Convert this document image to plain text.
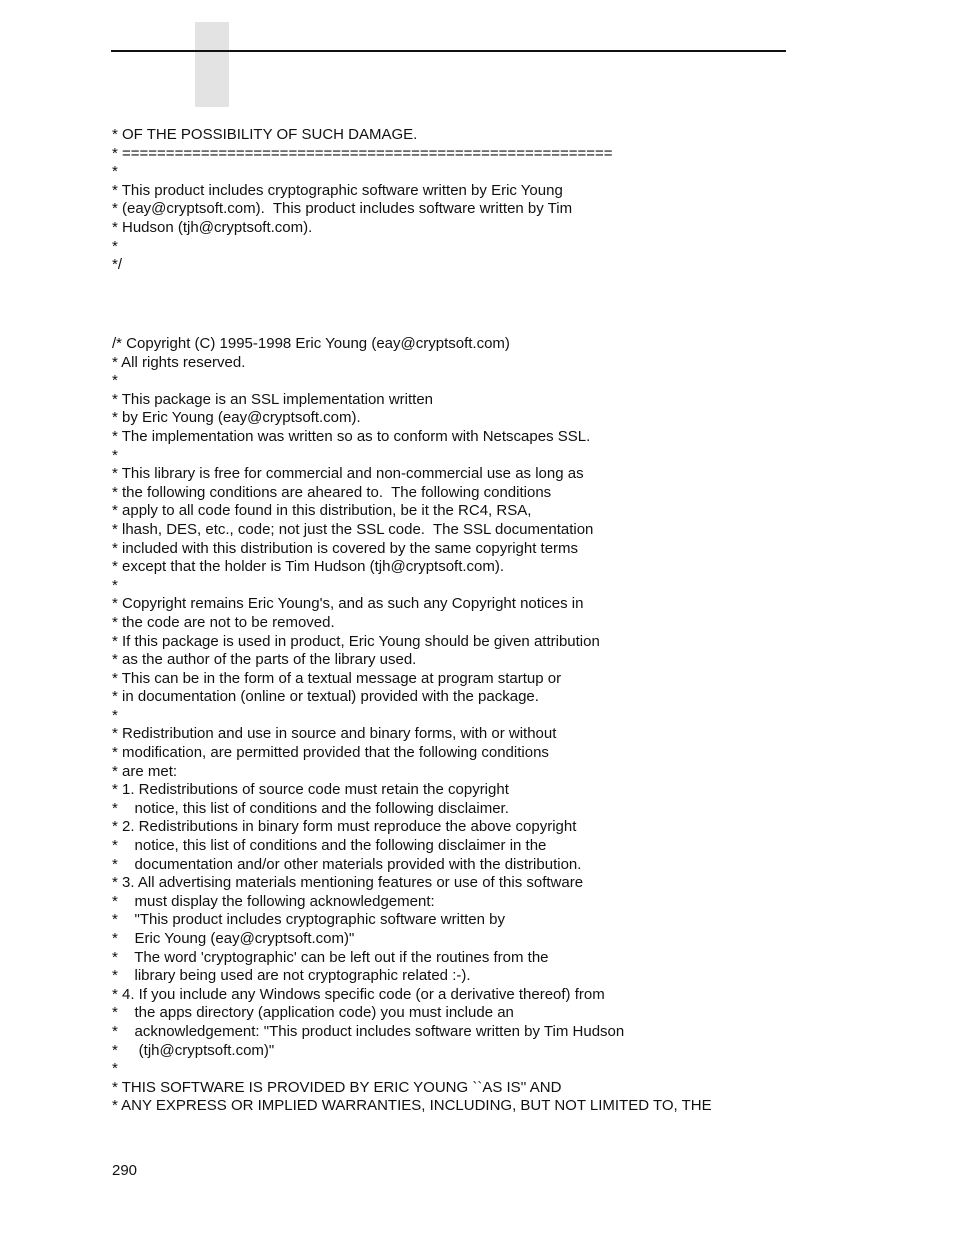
* OF THE POSSIBILITY OF SUCH DAMAGE.
* ========================================================
*
* This product includes cryptographic software written by Eric Young
* (eay@cryptsoft.com).  This product includes software written by Tim
* Hudson (tjh@cryptsoft.com).
*
*/
/* Copyright (C) 1995-1998 Eric Young (eay@cryptsoft.com)
* All rights reserved.
*
* This package is an SSL implementation written
* by Eric Young (eay@cryptsoft.com).
* The implementation was written so as to conform with Netscapes SSL.
*
* This library is free for commercial and non-commercial use as long as
* the following conditions are aheared to.  The following conditions
* apply to all code found in this distribution, be it the RC4, RSA,
* lhash, DES, etc., code; not just the SSL code.  The SSL documentation
* included with this distribution is covered by the same copyright terms
* except that the holder is Tim Hudson (tjh@cryptsoft.com).
*
* Copyright remains Eric Young's, and as such any Copyright notices in
* the code are not to be removed.
* If this package is used in product, Eric Young should be given attribution
* as the author of the parts of the library used.
* This can be in the form of a textual message at program startup or
* in documentation (online or textual) provided with the package.
*
* Redistribution and use in source and binary forms, with or without
* modification, are permitted provided that the following conditions
* are met:
* 1. Redistributions of source code must retain the copyright
*    notice, this list of conditions and the following disclaimer.
* 2. Redistributions in binary form must reproduce the above copyright
*    notice, this list of conditions and the following disclaimer in the
*    documentation and/or other materials provided with the distribution.
* 3. All advertising materials mentioning features or use of this software
*    must display the following acknowledgement:
*    "This product includes cryptographic software written by
*    Eric Young (eay@cryptsoft.com)"
*    The word 'cryptographic' can be left out if the routines from the
*    library being used are not cryptographic related :-).
* 4. If you include any Windows specific code (or a derivative thereof) from
*    the apps directory (application code) you must include an
*    acknowledgement: "This product includes software written by Tim Hudson
*     (tjh@cryptsoft.com)"
*
* THIS SOFTWARE IS PROVIDED BY ERIC YOUNG ``AS IS'' AND
* ANY EXPRESS OR IMPLIED WARRANTIES, INCLUDING, BUT NOT LIMITED TO, THE
290
